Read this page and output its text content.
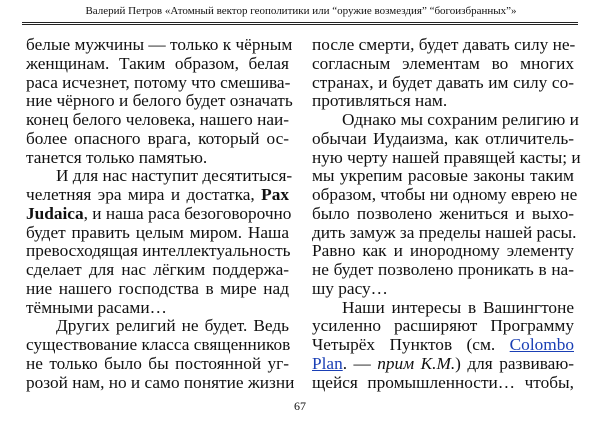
Валерий Петров «Атомный вектор геополитики или “оружие возмездия” “богоизбранных”»
белые мужчины — только к чёрным
женщинам. Таким образом, белая
раса исчезнет, потому что смешива-
ние чёрного и белого будет означать
конец белого человека, нашего наи-
более опасного врага, который ос-
танется только памятью.
И для нас наступит десятитыся-
челетняя эра мира и достатка, Pax
Judaica, и наша раса безоговорочно
будет править целым миром. Наша
превосходящая интеллектуальность
сделает для нас лёгким поддержа-
ние нашего господства в мире над
тёмными расами…
Других религий не будет. Ведь
существование класса священников
не только было бы постоянной уг-
розой нам, но и само понятие жизни
после смерти, будет давать силу не-
согласным элементам во многих
странах, и будет давать им силу со-
противляться нам.
Однако мы сохраним религию и
обычаи Иудаизма, как отличитель-
ную черту нашей правящей касты; и
мы укрепим расовые законы таким
образом, чтобы ни одному еврею не
было позволено жениться и выхо-
дить замуж за пределы нашей расы.
Равно как и инородному элементу
не будет позволено проникать в на-
шу расу…
Наши интересы в Вашингтоне
усиленно расширяют Программу
Четырёх Пунктов (см. Colombo
Plan. — прим К.М.) для развиваю-
щейся промышленности… чтобы,
67
